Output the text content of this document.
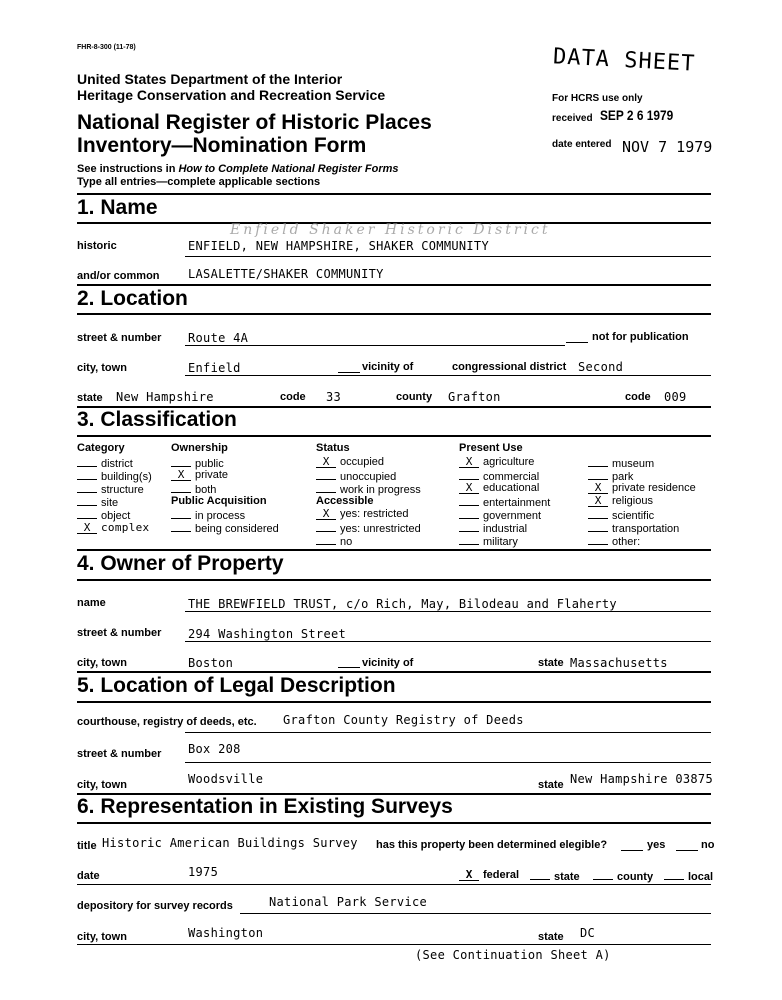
FHR-8-300 (11-78)	DATA SHEET
United States Department of the Interior
Heritage Conservation and Recreation Service
National Register of Historic Places
Inventory—Nomination Form
See instructions in How to Complete National Register Forms
Type all entries—complete applicable sections
For HCRS use only
received SEP 2 6 1979
date entered NOV 7 1979
1. Name
Enfield Shaker Historic District
historic	ENFIELD, NEW HAMPSHIRE, SHAKER COMMUNITY
and/or common LASALETTE/SHAKER COMMUNITY
2. Location
street & number Route 4A	not for publication
city, town	Enfield	vicinity of	congressional district Second
state New Hampshire	code 33	county Grafton	code 009
3. Classification
Category	Ownership	Status	Present Use
Public Acquisition	Accessible
district
building(s)
structure
site
object
X complex
public
X private
both
in process
being considered
X occupied
unoccupied
work in progress
X yes: restricted
yes: unrestricted
no
X agriculture
commercial
X educational
entertainment
government
industrial
military
museum
park
X private residence
X religious
scientific
transportation
other:
4. Owner of Property
name	THE BREWFIELD TRUST, c/o Rich, May, Bilodeau and Flaherty
street & number 294 Washington Street
city, town	Boston	vicinity of	state Massachusetts
5. Location of Legal Description
courthouse, registry of deeds, etc. Grafton County Registry of Deeds
street & number Box 208
city, town	Woodsville	state New Hampshire 03875
6. Representation in Existing Surveys
title Historic American Buildings Survey has this property been determined elegible?	yes	no
date	1975	X federal	state	county	local
depository for survey records	National Park Service
city, town	Washington	state DC
(See Continuation Sheet A)
